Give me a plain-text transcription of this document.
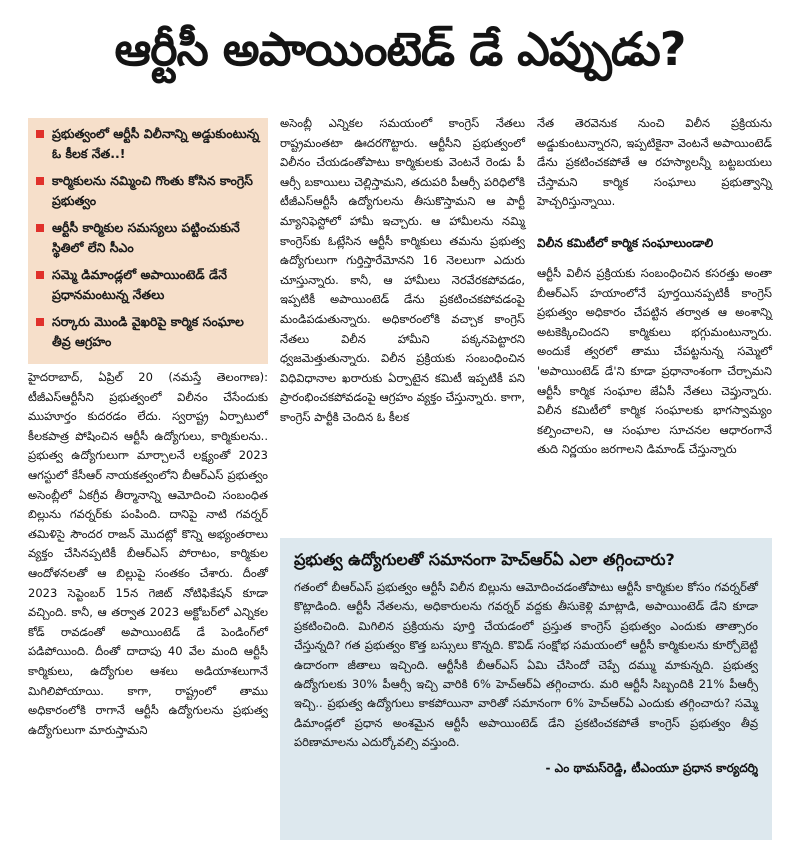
ఆర్టీసీ అపాయింటెడ్ డే ఎప్పుడు?
ప్రభుత్వంలో ఆర్టీసీ విలీనాన్ని అడ్డుకుంటున్న ఓ కీలక నేత..!
కార్మికులను నమ్మించి గొంతు కోసిన కాంగ్రెస్ ప్రభుత్వం
ఆర్టీసీ కార్మికుల సమస్యలు పట్టించుకునే స్థితిలో లేని సీఎం
సమ్మె డిమాండ్లలో అపాయింటెడ్ డేనే ప్రధానమంటున్న నేతలు
సర్కారు మొండి వైఖరిపై కార్మిక సంఘాల తీవ్ర ఆగ్రహం
హైదరాబాద్, ఏప్రిల్ 20 (నమస్తే తెలంగాణ): టీజీఎస్ఆర్టీసీని ప్రభుత్వంలో విలీనం చేసేందుకు ముహూర్తం కుదరడం లేదు. స్వరాష్ట్ర ఏర్పాటులో కీలకపాత్ర పోషించిన ఆర్టీసీ ఉద్యోగులు, కార్మికులను.. ప్రభుత్వ ఉద్యోగులుగా మార్చాలనే లక్ష్యంతో 2023 ఆగస్టులో కేసీఆర్ నాయకత్వంలోని బీఆర్ఎస్ ప్రభుత్వం అసెంబ్లీలో ఏకగ్రీవ తీర్మానాన్ని ఆమోదించి సంబంధిత బిల్లును గవర్నర్‌కు పంపింది. దానిపై నాటి గవర్నర్ తమిళిసై సౌందర రాజన్ మొదట్లో కొన్ని అభ్యంతరాలు వ్యక్తం చేసినప్పటికీ బీఆర్ఎస్ పోరాటం, కార్మికుల ఆందోళనలతో ఆ బిల్లుపై సంతకం చేశారు. దీంతో 2023 సెప్టెంబర్ 15న గెజిట్ నోటిఫికేషన్ కూడా వచ్చింది. కానీ, ఆ తర్వాత 2023 అక్టోబర్‌లో ఎన్నికల కోడ్ రావడంతో అపాయింటెడ్ డే పెండింగ్‌లో పడిపోయింది. దీంతో దాదాపు 40 వేల మంది ఆర్టీసీ కార్మికులు, ఉద్యోగుల ఆశలు అడియాశలుగానే మిగిలిపోయాయి. కాగా, రాష్ట్రంలో తాము అధికారంలోకి రాగానే ఆర్టీసీ ఉద్యోగులను ప్రభుత్వ ఉద్యోగులుగా మారుస్తామని
అసెంబ్లీ ఎన్నికల సమయంలో కాంగ్రెస్ నేతలు రాష్ట్రమంతటా ఊదరగొట్టారు. ఆర్టీసీని ప్రభుత్వంలో విలీనం చేయడంతోపాటు కార్మికులకు వెంటనే రెండు పీ ఆర్సీ బకాయిలు చెల్లిస్తామని, తదుపరి పీఆర్సీ పరిధిలోకి టీజీఎస్ఆర్టీసీ ఉద్యోగులను తీసుకొస్తామని ఆ పార్టీ మ్యానిఫెస్టోలో హామీ ఇచ్చారు. ఆ హామీలను నమ్మి కాంగ్రెస్‌కు ఓట్లేసిన ఆర్టీసీ కార్మికులు తమను ప్రభుత్వ ఉద్యోగులుగా గుర్తిస్తారేమోనని 16 నెలలుగా ఎదురు చూస్తున్నారు. కానీ, ఆ హామీలు నెరవేరకపోవడం, ఇప్పటికీ అపాయింటెడ్ డేను ప్రకటించకపోవడంపై మండిపడుతున్నారు. అధికారంలోకి వచ్చాక కాంగ్రెస్ నేతలు విలీన హామీని పక్కనపెట్టారని ధ్వజమెత్తుతున్నారు. విలీన ప్రక్రియకు సంబంధించిన విధివిధానాల ఖరారుకు ఏర్పాటైన కమిటీ ఇప్పటికీ పని ప్రారంభించకపోవడంపై ఆగ్రహం వ్యక్తం చేస్తున్నారు. కాగా, కాంగ్రెస్ పార్టీకి చెందిన ఓ కీలక
నేత తెరవెనుక నుంచి విలీన ప్రక్రియను అడ్డుకుంటున్నారని, ఇప్పటికైనా వెంటనే అపాయింటెడ్ డేను ప్రకటించకపోతే ఆ రహస్యాలన్నీ బట్టబయలు చేస్తామని కార్మిక సంఘాలు ప్రభుత్వాన్ని హెచ్చరిస్తున్నాయి.
విలీన కమిటీలో కార్మిక సంఘాలుండాలి
ఆర్టీసీ విలీన ప్రక్రియకు సంబంధించిన కసరత్తు అంతా బీఆర్ఎస్ హయాంలోనే పూర్తయినప్పటికీ కాంగ్రెస్ ప్రభుత్వం అధికారం చేపట్టిన తర్వాత ఆ అంశాన్ని అటకెక్కించిందని కార్మికులు భగ్గుమంటున్నారు. అందుకే త్వరలో తాము చేపట్టనున్న సమ్మెలో 'అపాయింటెడ్ డే'ని కూడా ప్రధానాంశంగా చేర్చామని ఆర్టీసీ కార్మిక సంఘాల జేఏసీ నేతలు చెప్తున్నారు. విలీన కమిటీలో కార్మిక సంఘాలకు భాగస్వామ్యం కల్పించాలని, ఆ సంఘాల సూచనల ఆధారంగానే తుది నిర్ణయం జరగాలని డిమాండ్ చేస్తున్నారు
ప్రభుత్వ ఉద్యోగులతో సమానంగా హెచ్ఆర్ఏ ఎలా తగ్గించారు?
గతంలో బీఆర్ఎస్ ప్రభుత్వం ఆర్టీసీ విలీన బిల్లును ఆమోదించడంతోపాటు ఆర్టీసీ కార్మికుల కోసం గవర్నర్‌తో కొట్లాడింది. ఆర్టీసీ నేతలను, అధికారులను గవర్నర్ వద్దకు తీసుకెళ్లి మాట్లాడి, అపాయింటెడ్ డేని కూడా ప్రకటించింది. మిగిలిన ప్రక్రియను పూర్తి చేయడంలో ప్రస్తుత కాంగ్రెస్ ప్రభుత్వం ఎందుకు తాత్సారం చేస్తున్నది? గత ప్రభుత్వం కొత్త బస్సులు కొన్నది. కొవిడ్ సంక్షోభ సమయంలో ఆర్టీసీ కార్మికులను కూర్చోబెట్టి ఉదారంగా జీతాలు ఇచ్చింది. ఆర్టీసీకి బీఆర్ఎస్ ఏమి చేసిందో చెప్పే దమ్ము మాకున్నది. ప్రభుత్వ ఉద్యోగులకు 30% పీఆర్సీ ఇచ్చి వారికి 6% హెచ్ఆర్ఏ తగ్గించారు. మరి ఆర్టీసీ సిబ్బందికి 21% పీఆర్సీ ఇచ్చి.. ప్రభుత్వ ఉద్యోగులు కాకపోయినా వారితో సమానంగా 6% హెచ్ఆర్ఏ ఎందుకు తగ్గించారు? సమ్మె డిమాండ్లలో ప్రధాన అంశమైన ఆర్టీసీ అపాయింటెడ్ డేని ప్రకటించకపోతే కాంగ్రెస్ ప్రభుత్వం తీవ్ర పరిణామాలను ఎదుర్కోవల్సి వస్తుంది.
- ఎం థామస్‌రెడ్డి, టీఎంయూ ప్రధాన కార్యదర్శి
